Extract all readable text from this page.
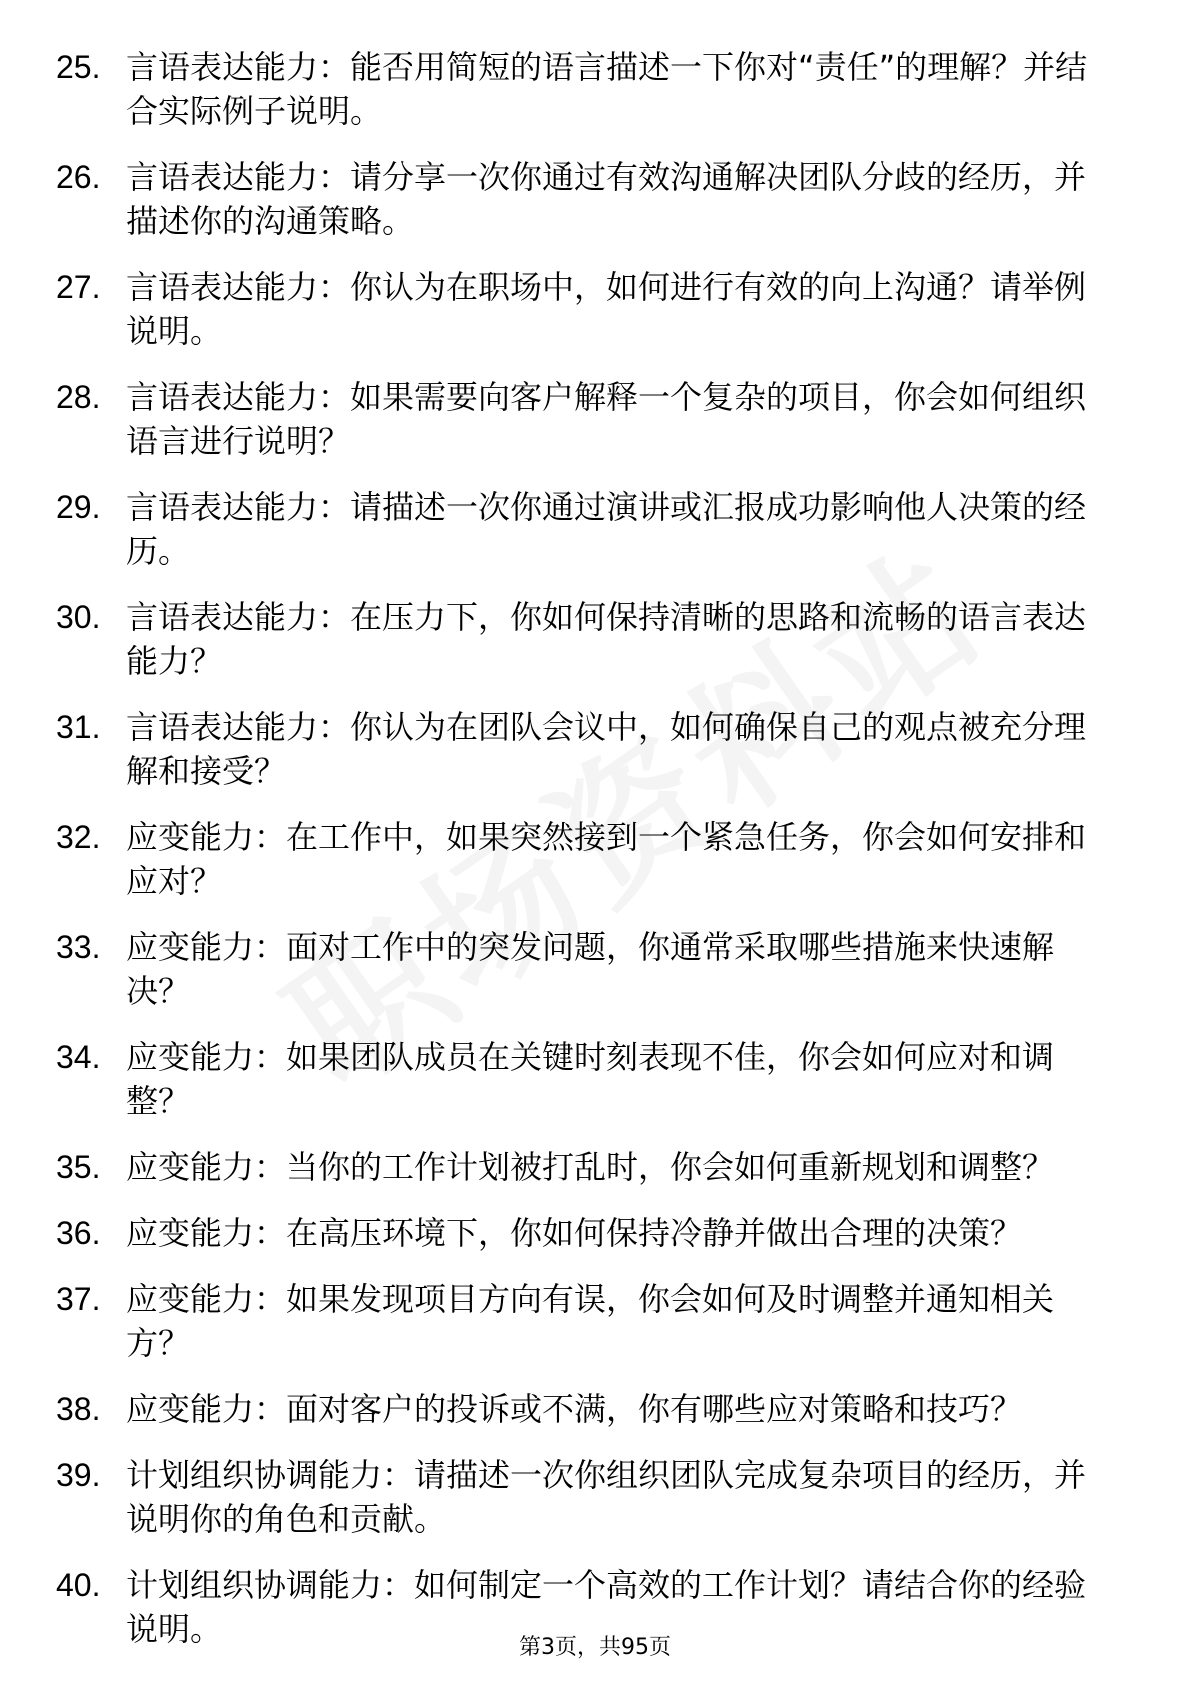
25. 言语表达能力：能否用简短的语言描述一下你对“责任”的理解？并结合实际例子说明。
26. 言语表达能力：请分享一次你通过有效沟通解决团队分歧的经历，并描述你的沟通策略。
27. 言语表达能力：你认为在职场中，如何进行有效的向上沟通？请举例说明。
28. 言语表达能力：如果需要向客户解释一个复杂的项目，你会如何组织语言进行说明？
29. 言语表达能力：请描述一次你通过演讲或汇报成功影响他人决策的经历。
30. 言语表达能力：在压力下，你如何保持清晰的思路和流畅的语言表达能力？
31. 言语表达能力：你认为在团队会议中，如何确保自己的观点被充分理解和接受？
32. 应变能力：在工作中，如果突然接到一个紧急任务，你会如何安排和应对？
33. 应变能力：面对工作中的突发问题，你通常采取哪些措施来快速解决？
34. 应变能力：如果团队成员在关键时刻表现不佳，你会如何应对和调整？
35. 应变能力：当你的工作计划被打乱时，你会如何重新规划和调整？
36. 应变能力：在高压环境下，你如何保持冷静并做出合理的决策？
37. 应变能力：如果发现项目方向有误，你会如何及时调整并通知相关方？
38. 应变能力：面对客户的投诉或不满，你有哪些应对策略和技巧？
39. 计划组织协调能力：请描述一次你组织团队完成复杂项目的经历，并说明你的角色和贡献。
40. 计划组织协调能力：如何制定一个高效的工作计划？请结合你的经验说明。	第3页，共95页
